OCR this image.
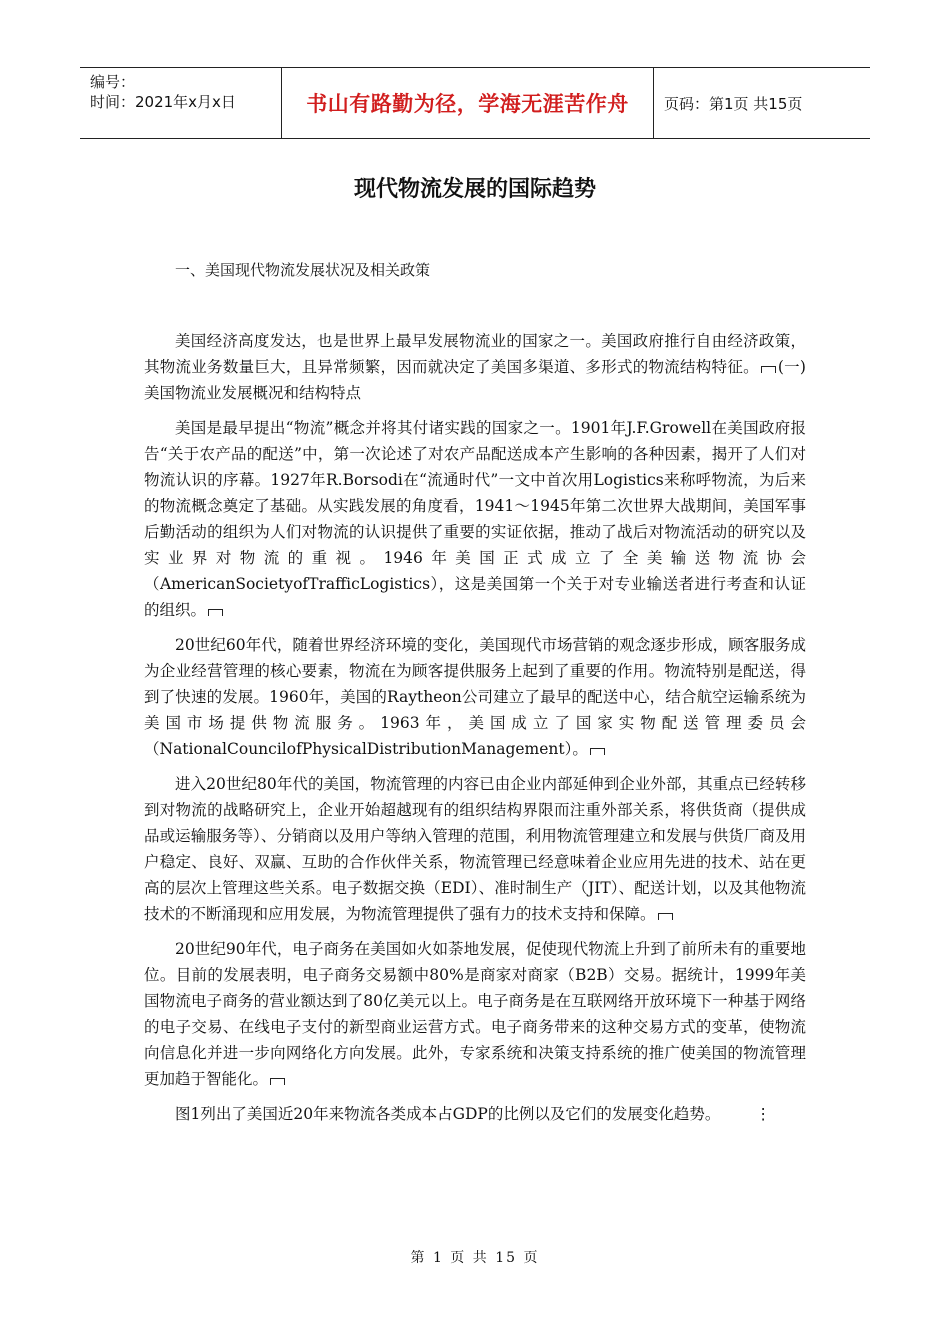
编号：
时间：2021年x月x日	书山有路勤为径，学海无涯苦作舟	页码：第1页 共15页
现代物流发展的国际趋势
一、美国现代物流发展状况及相关政策

美国经济高度发达，也是世界上最早发展物流业的国家之一。美国政府推行自由经济政策，其物流业务数量巨大，且异常频繁，因而就决定了美国多渠道、多形式的物流结构特征。 (一)美国物流业发展概况和结构特点

美国是最早提出“物流”概念并将其付诸实践的国家之一。1901年J.F.Growell在美国政府报告“关于农产品的配送”中，第一次论述了对农产品配送成本产生影响的各种因素，揭开了人们对物流认识的序幕。1927年R.Borsodi在“流通时代”一文中首次用Logistics来称呼物流，为后来的物流概念奠定了基础。从实践发展的角度看，1941～1945年第二次世界大战期间，美国军事后勤活动的组织为人们对物流的认识提供了重要的实证依据，推动了战后对物流活动的研究以及实业界对物流的重视。1946年美国正式成立了全美输送物流协会（AmericanSocietyofTrafficLogistics），这是美国第一个关于对专业输送者进行考查和认证的组织。

20世纪60年代，随着世界经济环境的变化，美国现代市场营销的观念逐步形成，顾客服务成为企业经营管理的核心要素，物流在为顾客提供服务上起到了重要的作用。物流特别是配送，得到了快速的发展。1960年，美国的Raytheon公司建立了最早的配送中心，结合航空运输系统为美国市场提供物流服务。1963年，美国成立了国家实物配送管理委员会（NationalCouncilofPhysicalDistributionManagement）。

进入20世纪80年代的美国，物流管理的内容已由企业内部延伸到企业外部，其重点已经转移到对物流的战略研究上，企业开始超越现有的组织结构界限而注重外部关系，将供货商（提供成品或运输服务等）、分销商以及用户等纳入管理的范围，利用物流管理建立和发展与供货厂商及用户稳定、良好、双赢、互助的合作伙伴关系，物流管理已经意味着企业应用先进的技术、站在更高的层次上管理这些关系。电子数据交换（EDI）、准时制生产（JIT）、配送计划，以及其他物流技术的不断涌现和应用发展，为物流管理提供了强有力的技术支持和保障。

20世纪90年代，电子商务在美国如火如荼地发展，促使现代物流上升到了前所未有的重要地位。目前的发展表明，电子商务交易额中80%是商家对商家（B2B）交易。据统计，1999年美国物流电子商务的营业额达到了80亿美元以上。电子商务是在互联网络开放环境下一种基于网络的电子交易、在线电子支付的新型商业运营方式。电子商务带来的这种交易方式的变革，使物流向信息化并进一步向网络化方向发展。此外，专家系统和决策支持系统的推广使美国的物流管理更加趋于智能化。

图1列出了美国近20年来物流各类成本占GDP的比例以及它们的发展变化趋势。 ⋮

第 1 页 共 15 页
